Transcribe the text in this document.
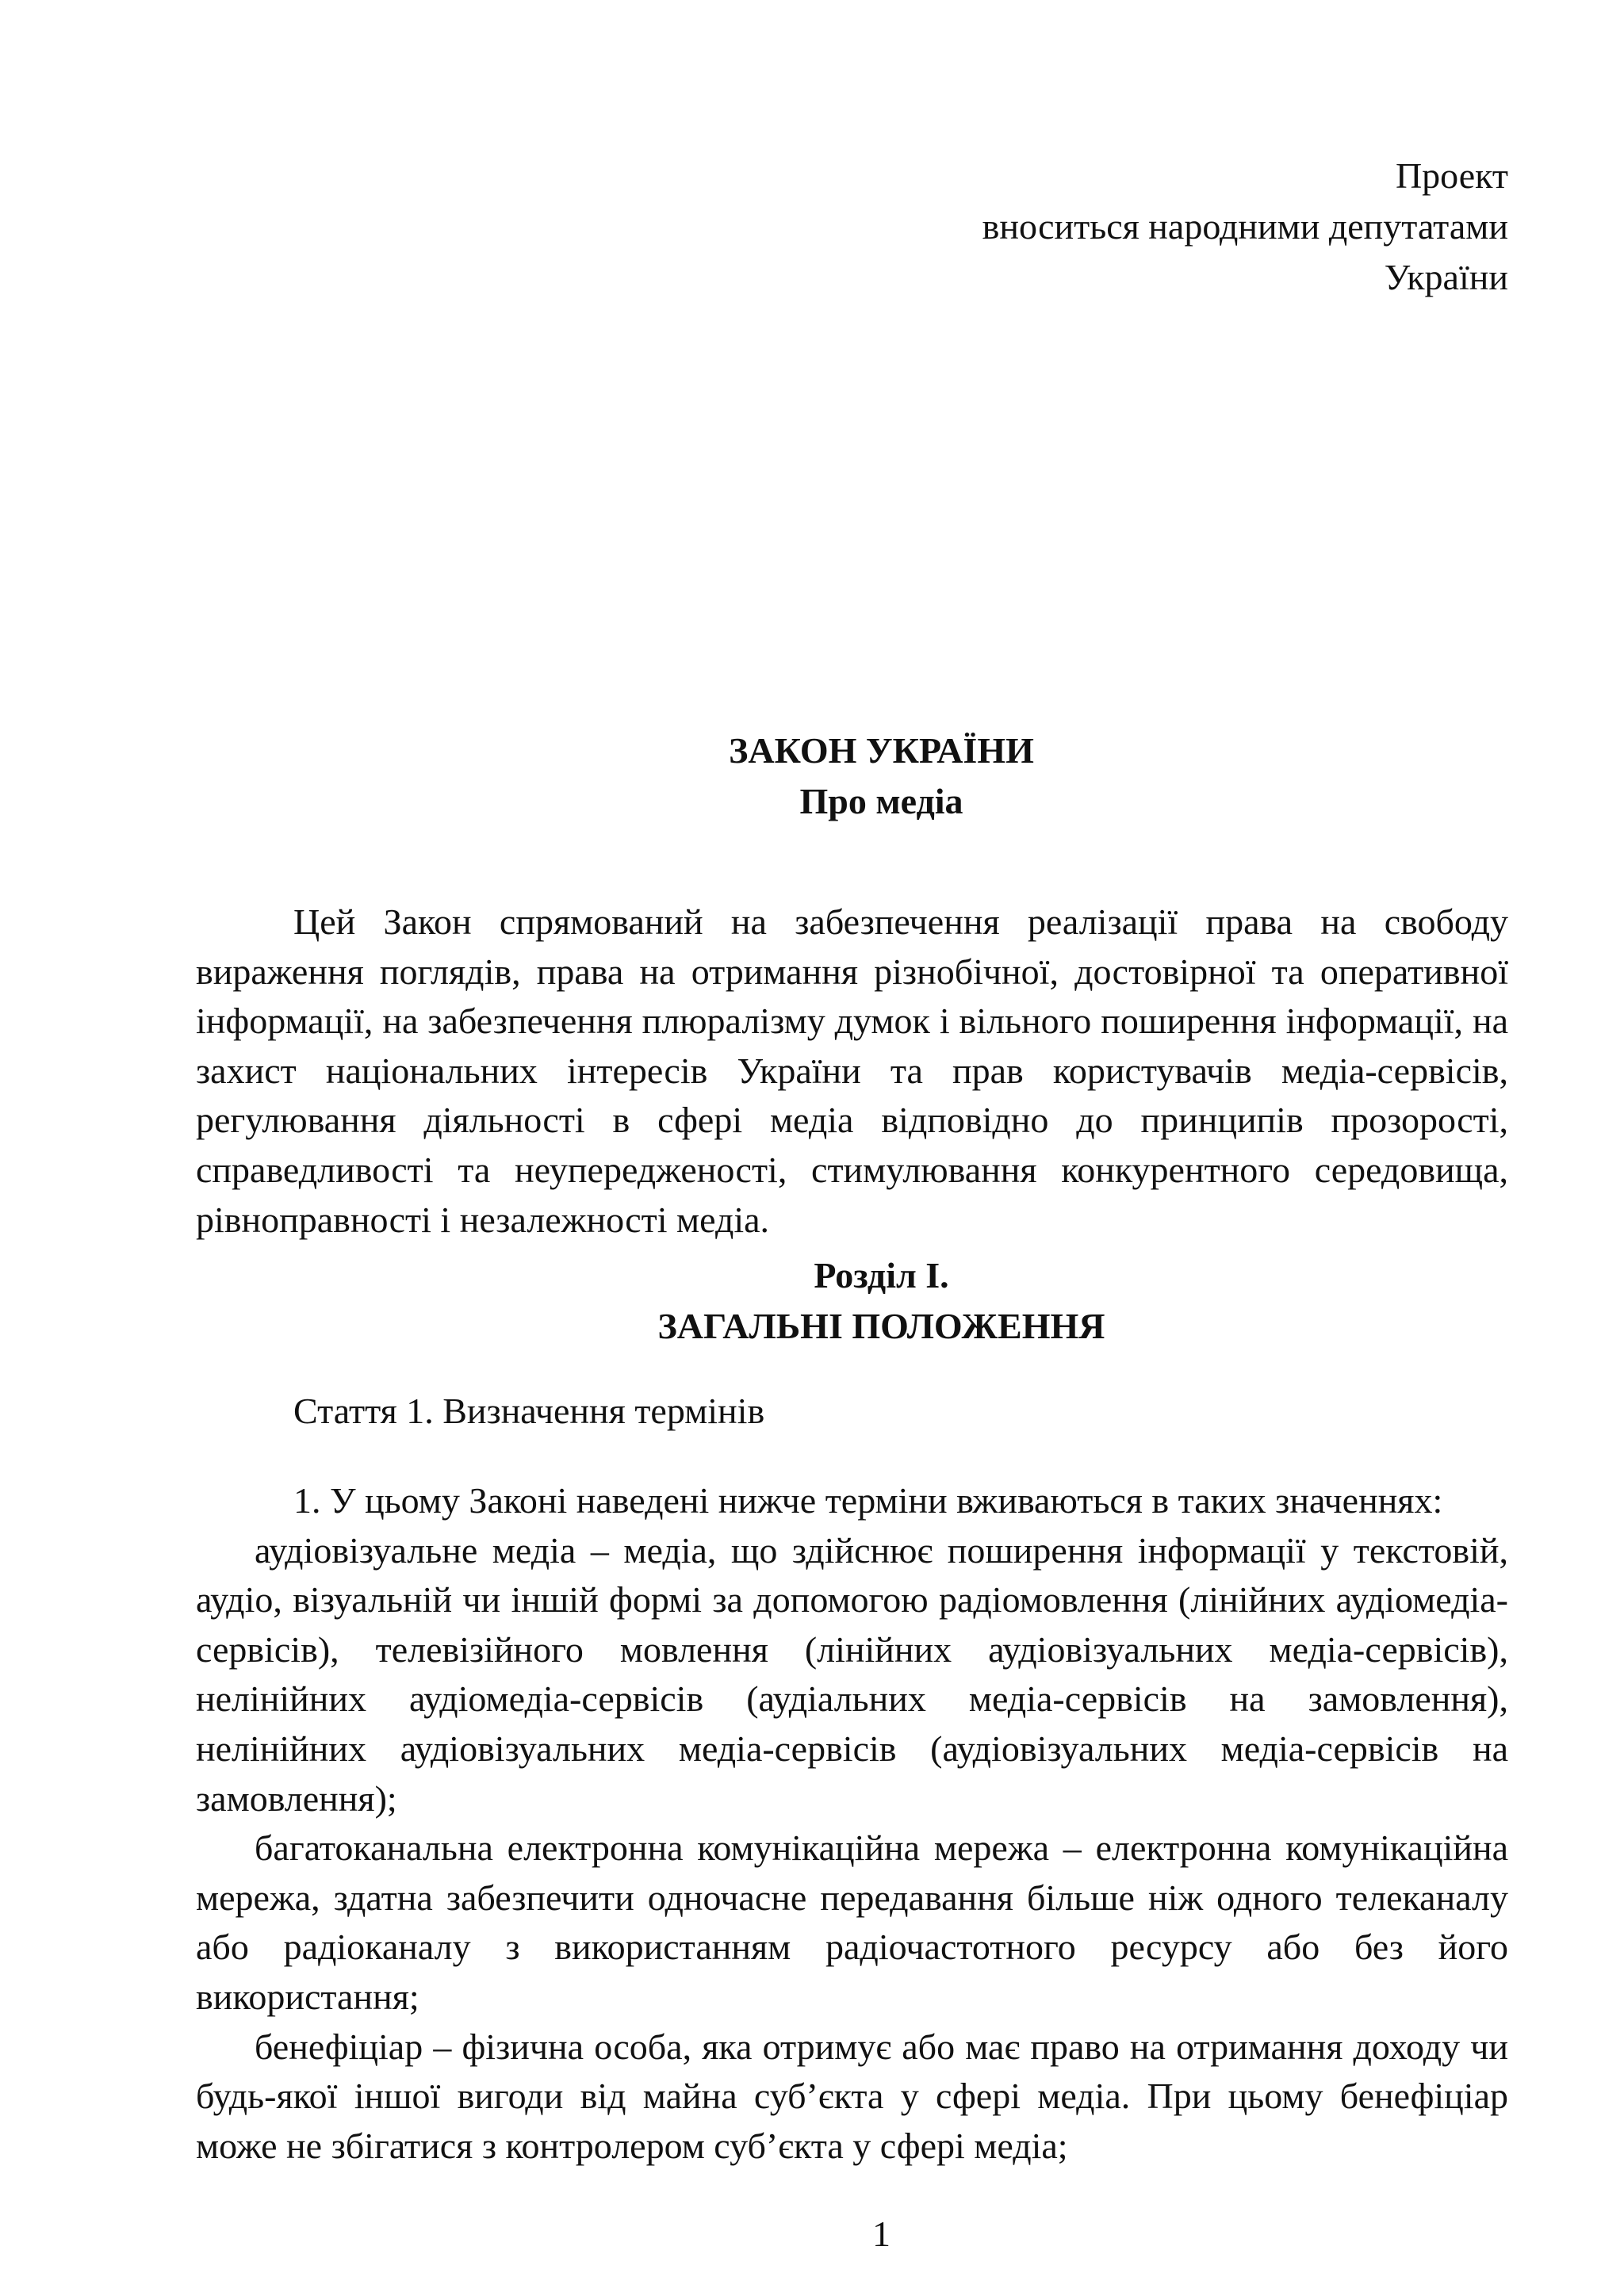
Проект
вноситься народними депутатами
України
ЗАКОН УКРАЇНИ
Про медіа
Цей Закон спрямований на забезпечення реалізації права на свободу вираження поглядів, права на отримання різнобічної, достовірної та оперативної інформації, на забезпечення плюралізму думок і вільного поширення інформації, на захист національних інтересів України та прав користувачів медіа-сервісів, регулювання діяльності в сфері медіа відповідно до принципів прозорості, справедливості та неупередженості, стимулювання конкурентного середовища, рівноправності і незалежності медіа.
Розділ І.
ЗАГАЛЬНІ ПОЛОЖЕННЯ
Стаття 1. Визначення термінів

1. У цьому Законі наведені нижче терміни вживаються в таких значеннях:

аудіовізуальне медіа – медіа, що здійснює поширення інформації у текстовій, аудіо, візуальній чи іншій формі за допомогою радіомовлення (лінійних аудіомедіа-сервісів), телевізійного мовлення (лінійних аудіовізуальних медіа-сервісів), нелінійних аудіомедіа-сервісів (аудіальних медіа-сервісів на замовлення), нелінійних аудіовізуальних медіа-сервісів (аудіовізуальних медіа-сервісів на замовлення);

багатоканальна електронна комунікаційна мережа – електронна комунікаційна мережа, здатна забезпечити одночасне передавання більше ніж одного телеканалу або радіоканалу з використанням радіочастотного ресурсу або без його використання;

бенефіціар – фізична особа, яка отримує або має право на отримання доходу чи будь-якої іншої вигоди від майна суб’єкта у сфері медіа. При цьому бенефіціар може не збігатися з контролером суб’єкта у сфері медіа;

1
